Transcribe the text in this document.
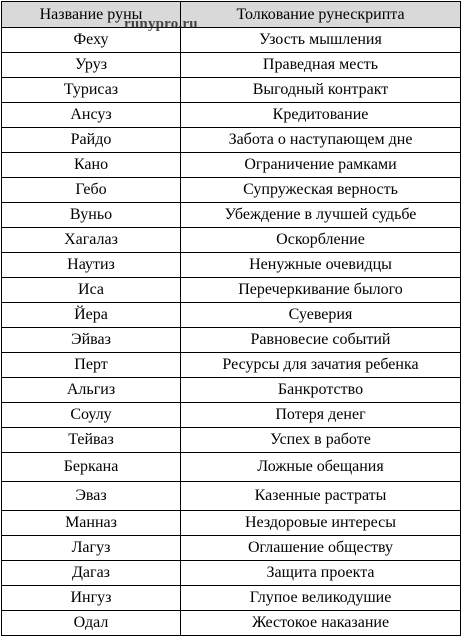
Название руны	Толкование рунескрипта
Феху	Узость мышления
Уруз	Праведная месть
Турисаз	Выгодный контракт
Ансуз	Кредитование
Райдо	Забота о наступающем дне
Кано	Ограничение рамками
Гебо	Супружеская верность
Вуньо	Убеждение в лучшей судьбе
Хагалаз	Оскорбление
Наутиз	Ненужные очевидцы
Иса	Перечеркивание былого
Йера	Суеверия
Эйваз	Равновесие событий
Перт	Ресурсы для зачатия ребенка
Альгиз	Банкротство
Соулу	Потеря денег
Тейваз	Успех в работе
Беркана	Ложные обещания
Эваз	Казенные растраты
Манназ	Нездоровые интересы
Лагуз	Оглашение обществу
Дагаз	Защита проекта
Ингуз	Глупое великодушие
Одал	Жестокое наказание
runypro.ru
